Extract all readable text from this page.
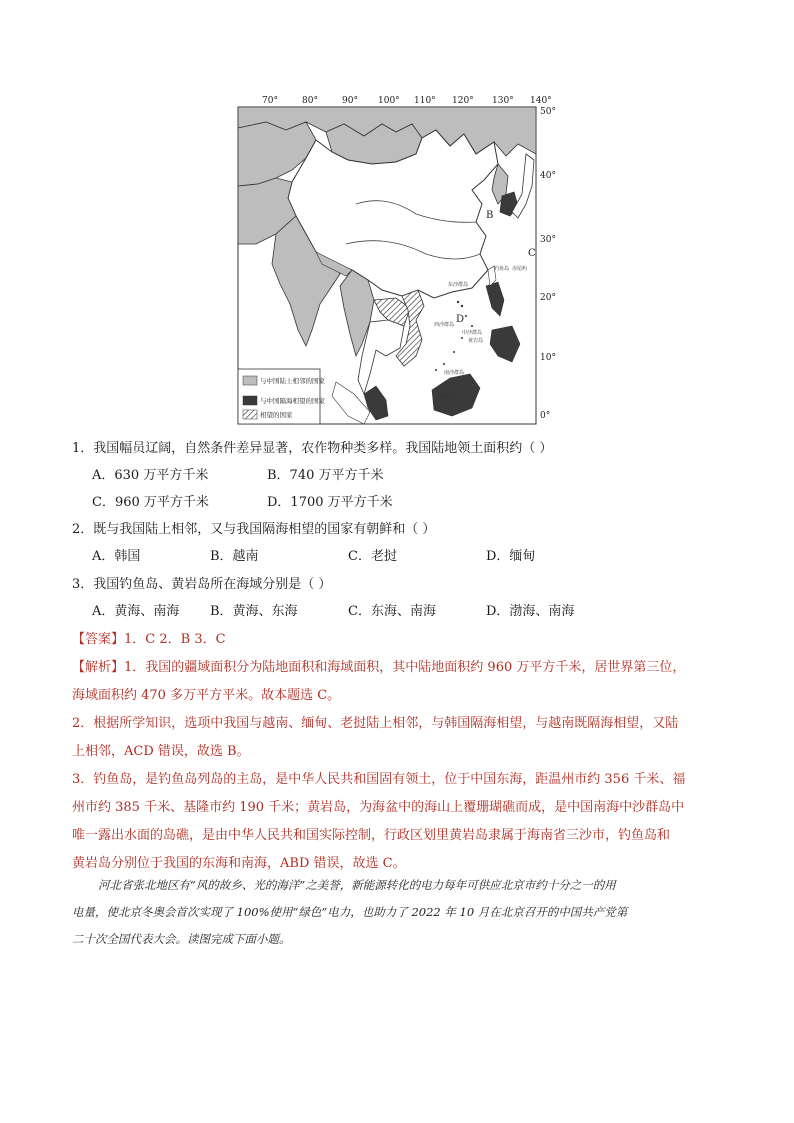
70°	80°	90° 100° 110° 120° 130° 140°
50°
40°
30°
20°
10°
0°
B
C
D
钓鱼岛 赤尾屿
东沙群岛
西沙群岛
中沙群岛
黄岩岛
南沙群岛
曾母暗沙
与中国陆上相邻的国家
与中国隔海相望的国家
相望的国家
1．我国幅员辽阔，自然条件差异显著，农作物种类多样。我国陆地领土面积约（ ）
A．630 万平方千米	B．740 万平方千米
C．960 万平方千米	D．1700 万平方千米
2．既与我国陆上相邻，又与我国隔海相望的国家有朝鲜和（ ）
A．韩国	B．越南	C．老挝	D．缅甸
3．我国钓鱼岛、黄岩岛所在海域分别是（ ）
A．黄海、南海 B．黄海、东海	C．东海、南海	D．渤海、南海
【答案】1．C 2．B 3．C
【解析】1．我国的疆域面积分为陆地面积和海域面积，其中陆地面积约 960 万平方千米，居世界第三位，
海域面积约 470 多万平方平米。故本题选 C。
2．根据所学知识，选项中我国与越南、缅甸、老挝陆上相邻，与韩国隔海相望，与越南既隔海相望，又陆
上相邻，ACD 错误，故选 B。
3．钓鱼岛，是钓鱼岛列岛的主岛，是中华人民共和国固有领土，位于中国东海，距温州市约 356 千米、福
州市约 385 千米、基隆市约 190 千米；黄岩岛，为海盆中的海山上覆珊瑚礁而成，是中国南海中沙群岛中
唯一露出水面的岛礁，是由中华人民共和国实际控制，行政区划里黄岩岛隶属于海南省三沙市，钓鱼岛和
黄岩岛分别位于我国的东海和南海，ABD 错误，故选 C。
河北省张北地区有“风的故乡、光的海洋”之美誉，新能源转化的电力每年可供应北京市约十分之一的用
电量，使北京冬奥会首次实现了 100%使用“绿色”电力，也助力了 2022 年 10 月在北京召开的中国共产党第
二十次全国代表大会。读图完成下面小题。
